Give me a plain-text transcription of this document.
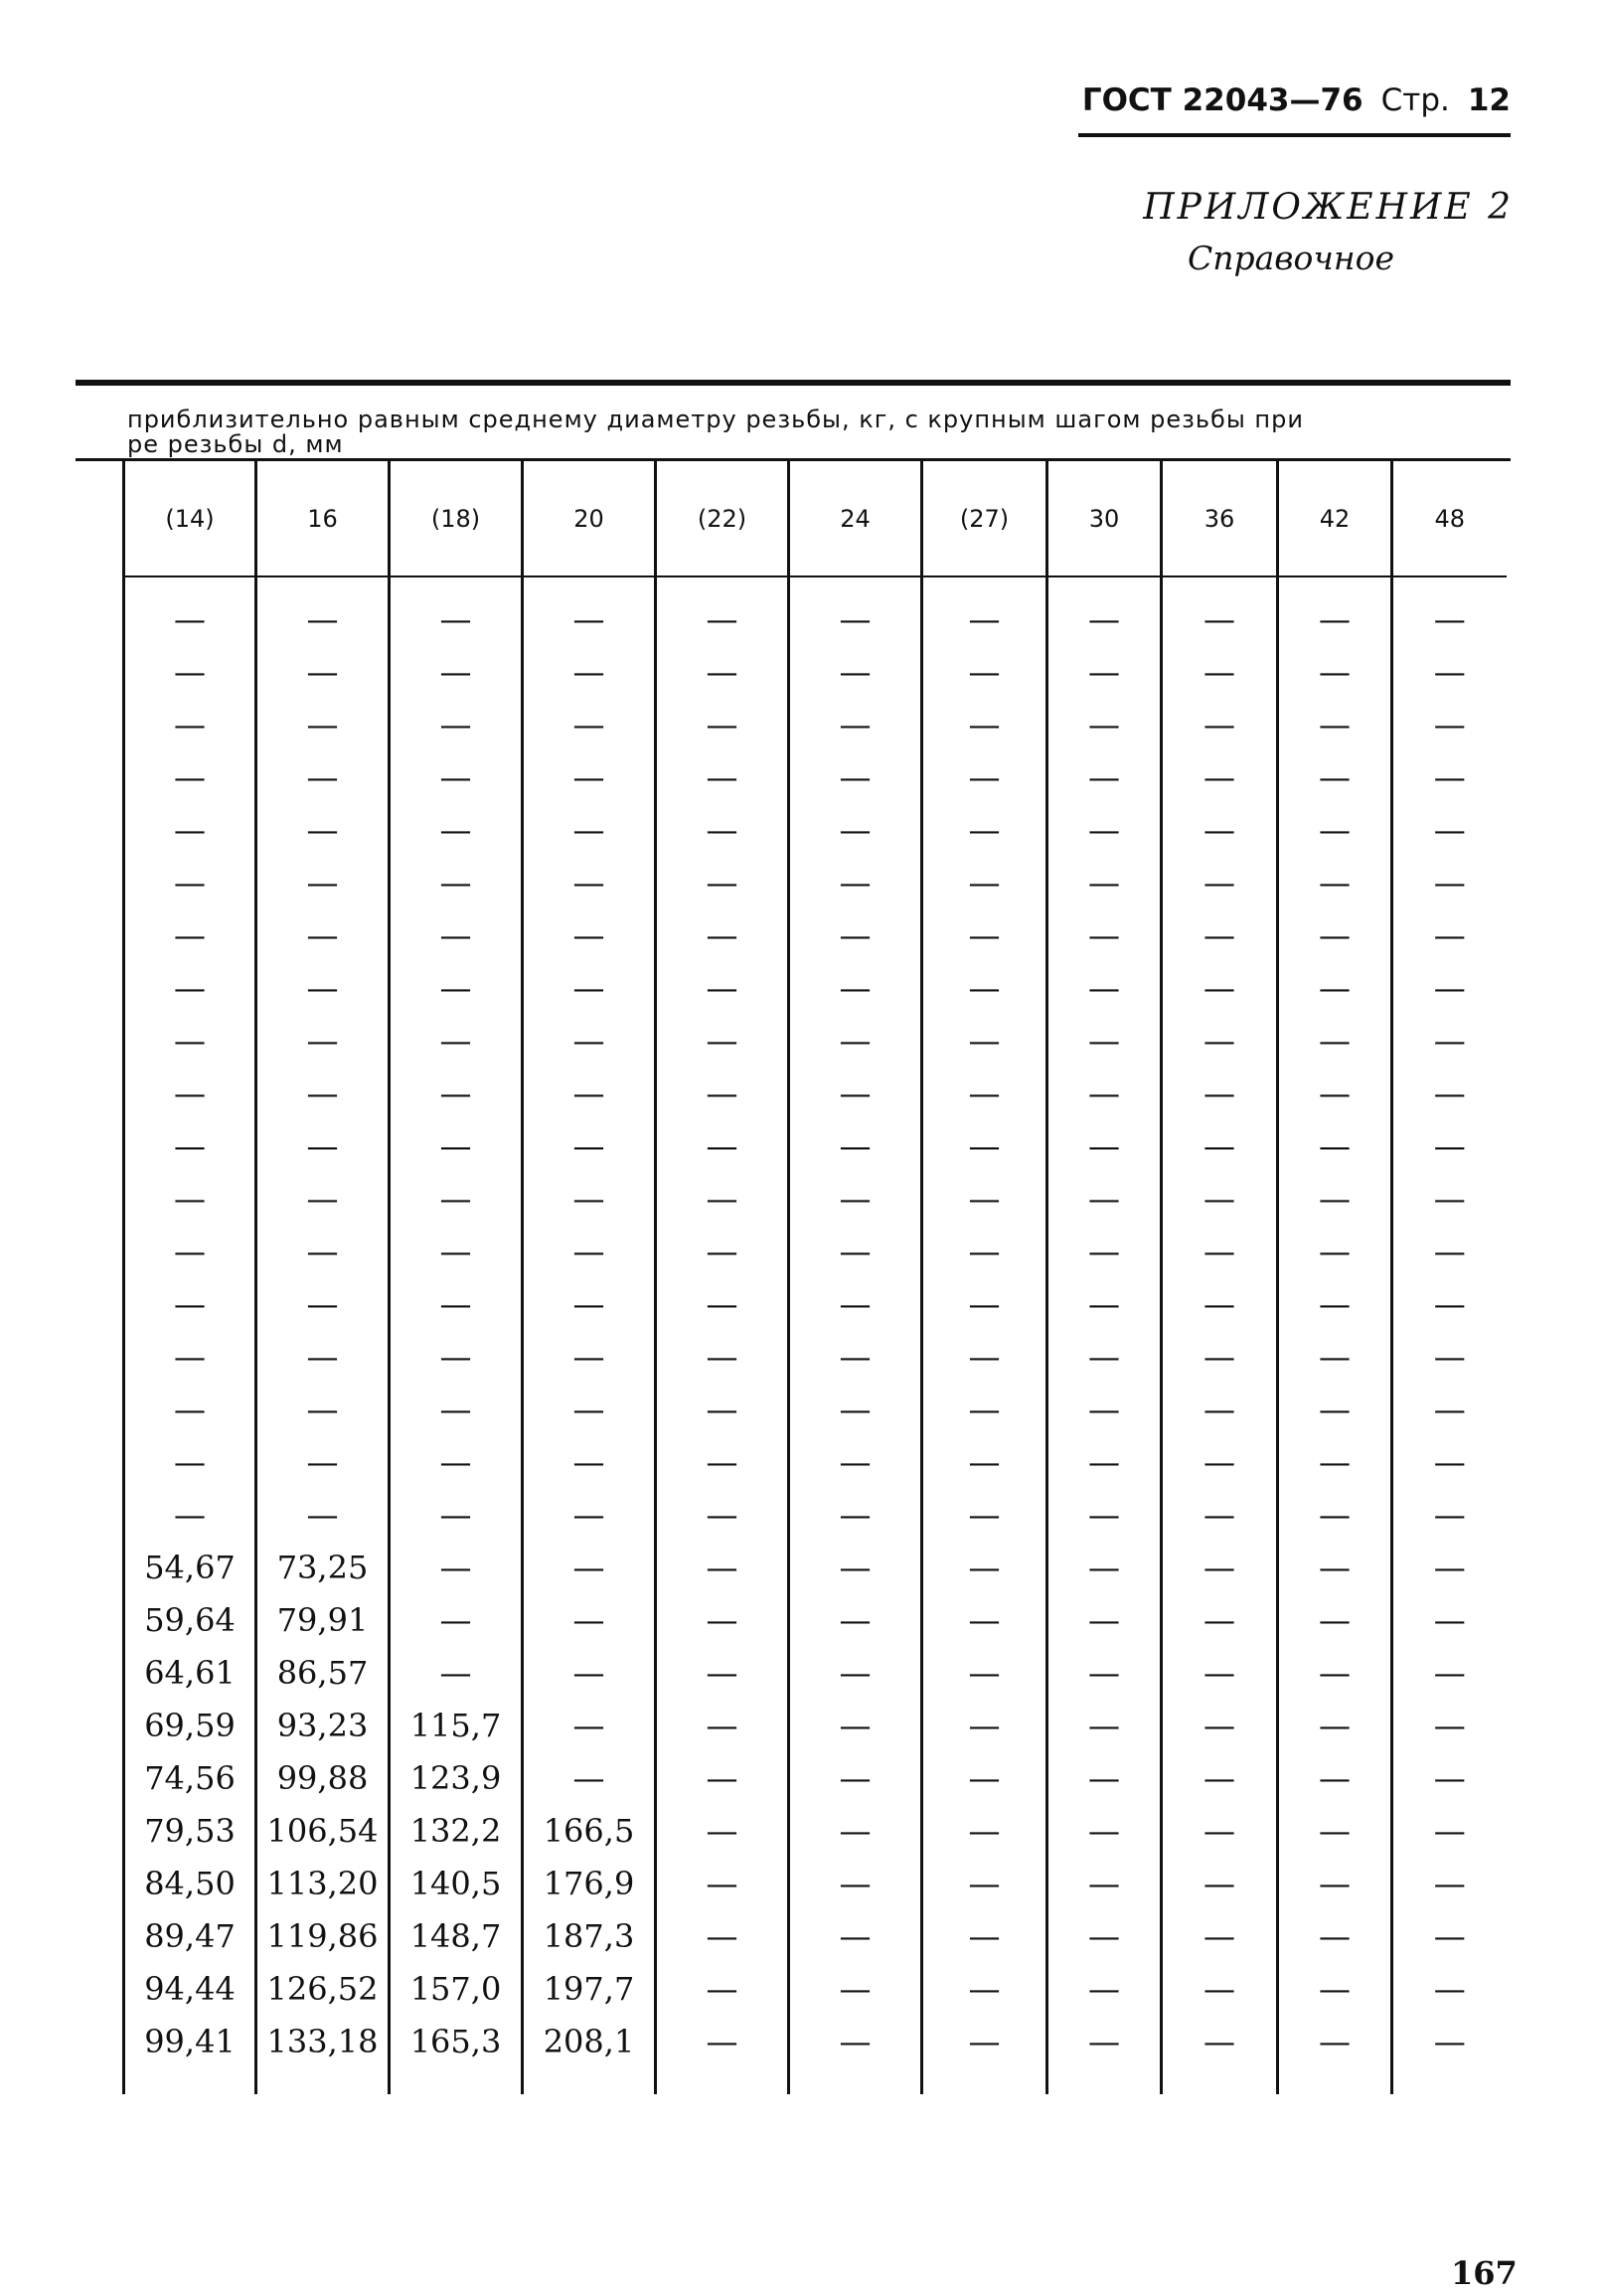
ГОСТ 22043—76 Стр. 12
ПРИЛОЖЕНИЕ 2
Справочное
приблизительно равным среднему диаметру резьбы, кг, с крупным шагом резьбы при
ре резьбы d, мм
(14)	16	(18)	20	(22)	24	(27)	30	36	42	48
—	—	—	—	—	—	—	—	—	—	—
—	—	—	—	—	—	—	—	—	—	—
—	—	—	—	—	—	—	—	—	—	—
—	—	—	—	—	—	—	—	—	—	—
—	—	—	—	—	—	—	—	—	—	—
—	—	—	—	—	—	—	—	—	—	—
—	—	—	—	—	—	—	—	—	—	—
—	—	—	—	—	—	—	—	—	—	—
—	—	—	—	—	—	—	—	—	—	—
—	—	—	—	—	—	—	—	—	—	—
—	—	—	—	—	—	—	—	—	—	—
—	—	—	—	—	—	—	—	—	—	—
—	—	—	—	—	—	—	—	—	—	—
—	—	—	—	—	—	—	—	—	—	—
—	—	—	—	—	—	—	—	—	—	—
—	—	—	—	—	—	—	—	—	—	—
—	—	—	—	—	—	—	—	—	—	—
—	—	—	—	—	—	—	—	—	—	—
54,67	73,25	—	—	—	—	—	—	—	—	—
59,64	79,91	—	—	—	—	—	—	—	—	—
64,61	86,57	—	—	—	—	—	—	—	—	—
69,59	93,23	115,7	—	—	—	—	—	—	—	—
74,56	99,88	123,9	—	—	—	—	—	—	—	—
79,53	106,54	132,2	166,5	—	—	—	—	—	—	—
84,50	113,20	140,5	176,9	—	—	—	—	—	—	—
89,47	119,86	148,7	187,3	—	—	—	—	—	—	—
94,44	126,52	157,0	197,7	—	—	—	—	—	—	—
99,41	133,18	165,3	208,1	—	—	—	—	—	—	—

167
